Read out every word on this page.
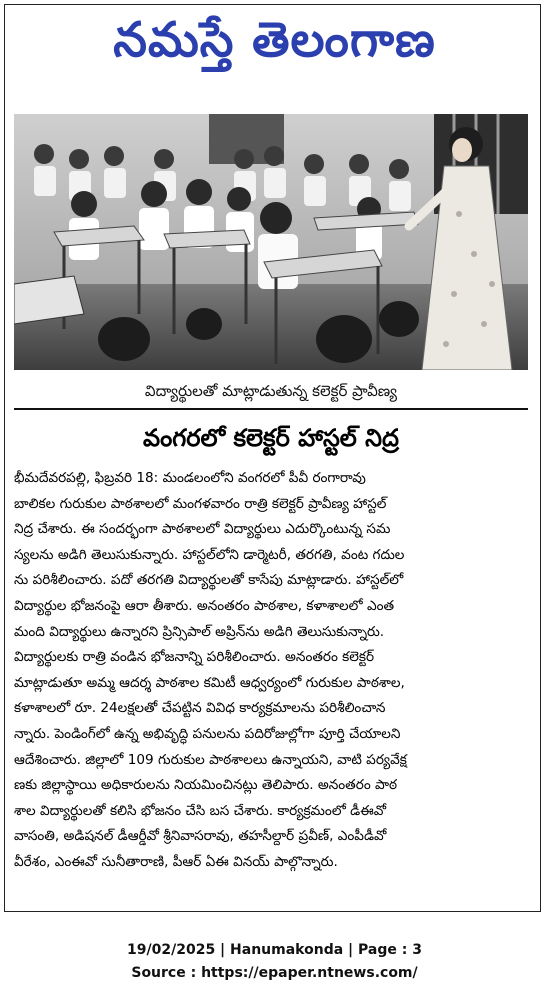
నమస్తే తెలంగాణ
విద్యార్థులతో మాట్లాడుతున్న కలెక్టర్ ప్రావీణ్య
వంగరలో కలెక్టర్ హాస్టల్ నిద్ర
భీమదేవరపల్లి, ఫిబ్రవరి 18: మండలంలోని వంగరలో పీవీ రంగారావు
బాలికల గురుకుల పాఠశాలలో మంగళవారం రాత్రి కలెక్టర్ ప్రావీణ్య హాస్టల్
నిద్ర చేశారు. ఈ సందర్భంగా పాఠశాలలో విద్యార్థులు ఎదుర్కొంటున్న సమ
స్యలను అడిగి తెలుసుకున్నారు. హాస్టల్‌లోని డార్మెటరీ, తరగతి, వంట గదుల
ను పరిశీలించారు. పదో తరగతి విద్యార్థులతో కాసేపు మాట్లాడారు. హాస్టల్‌లో
విద్యార్థుల భోజనంపై ఆరా తీశారు. అనంతరం పాఠశాల, కళాశాలలో ఎంత
మంది విద్యార్థులు ఉన్నారని ప్రిన్సిపాల్ అప్రిన్‌ను అడిగి తెలుసుకున్నారు.
విద్యార్థులకు రాత్రి వండిన భోజనాన్ని పరిశీలించారు. అనంతరం కలెక్టర్
మాట్లాడుతూ అమ్మ ఆదర్శ పాఠశాల కమిటీ ఆధ్వర్యంలో గురుకుల పాఠశాల,
కళాశాలలో రూ. 24లక్షలతో చేపట్టిన వివిధ కార్యక్రమాలను పరిశీలించాన
న్నారు. పెండింగ్‌లో ఉన్న అభివృద్ధి పనులను పదిరోజుల్లోగా పూర్తి చేయాలని
ఆదేశించారు. జిల్లాలో 109 గురుకుల పాఠశాలలు ఉన్నాయని, వాటి పర్యవేక్ష
ణకు జిల్లాస్థాయి అధికారులను నియమించినట్లు తెలిపారు. అనంతరం పాఠ
శాల విద్యార్థులతో కలిసి భోజనం చేసి బస చేశారు. కార్యక్రమంలో డీఈవో
వాసంతి, అడిషనల్ డీఆర్డీవో శ్రీనివాసరావు, తహసీల్దార్ ప్రవీణ్, ఎంపీడీవో
వీరేశం, ఎంఈవో సునీతారాణి, పీఆర్ ఏఈ వినయ్ పాల్గొన్నారు.
19/02/2025 | Hanumakonda | Page : 3
Source : https://epaper.ntnews.com/
